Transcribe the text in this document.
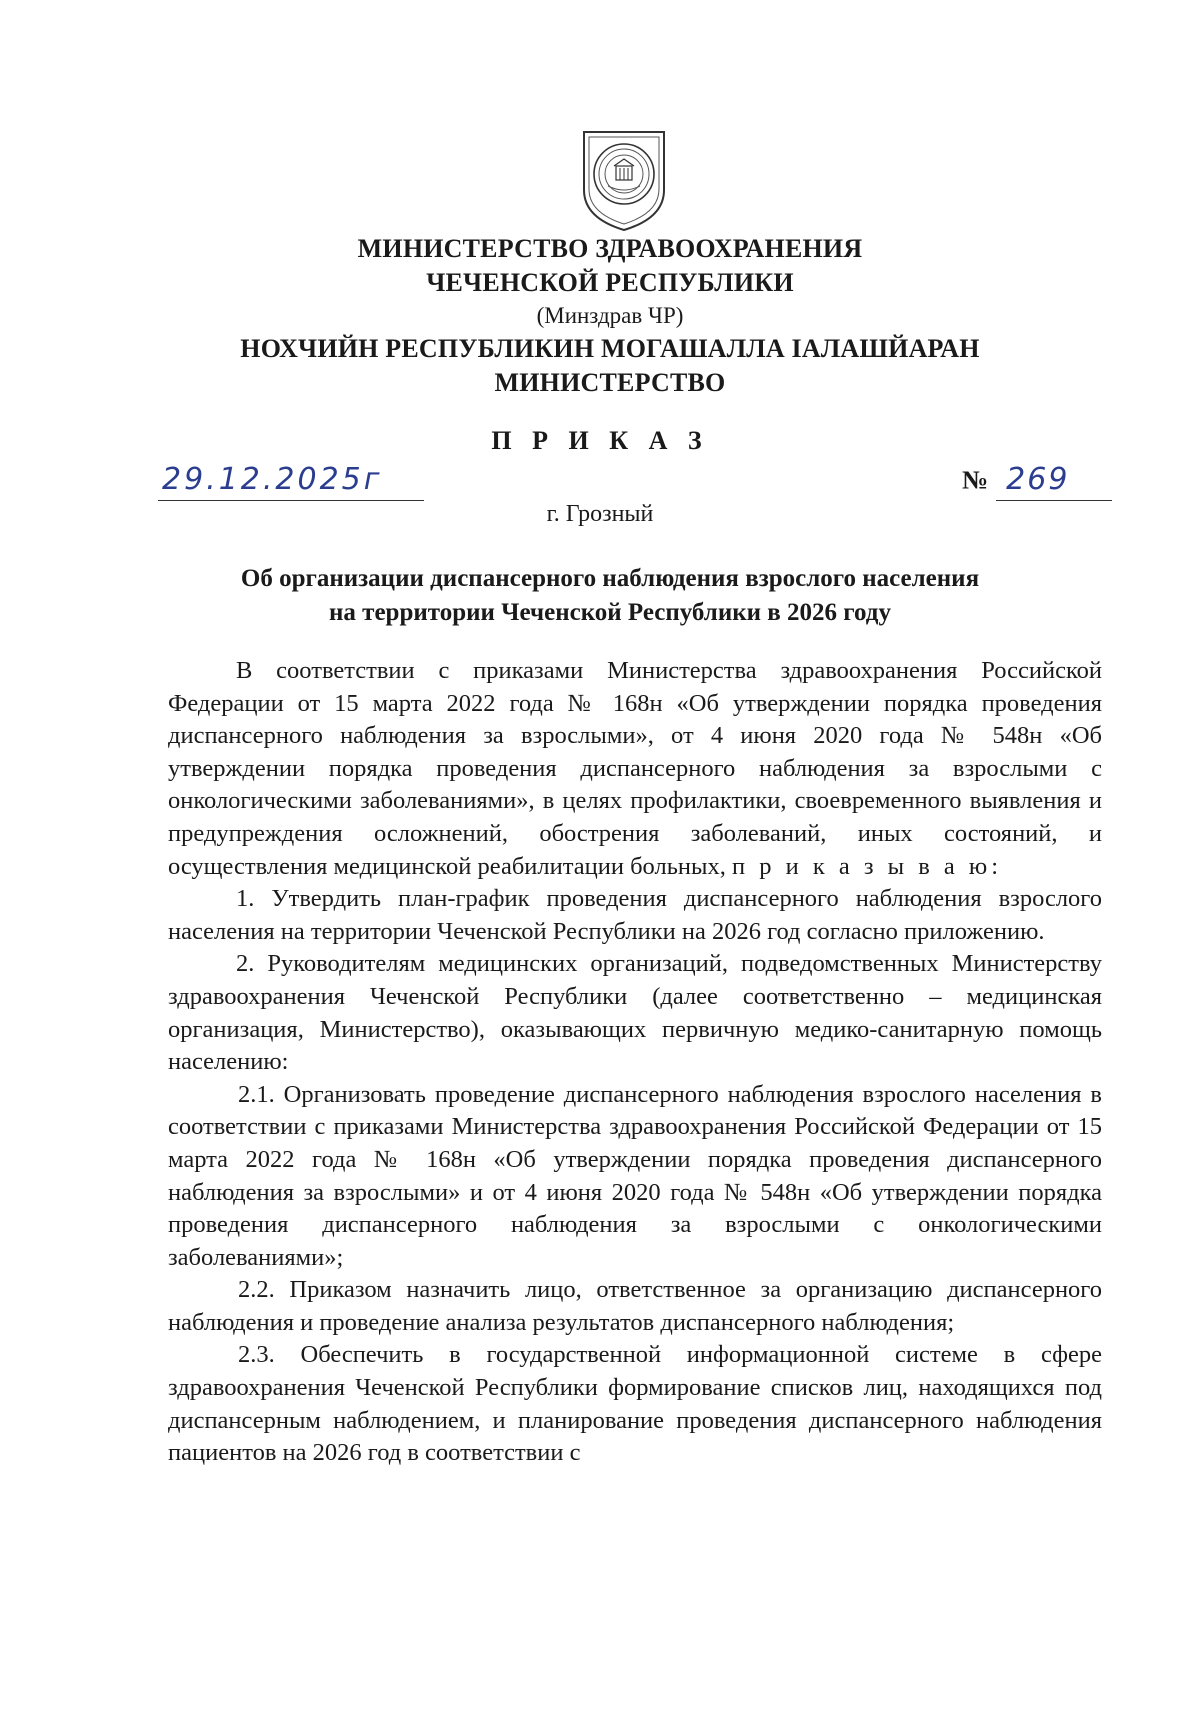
МИНИСТЕРСТВО ЗДРАВООХРАНЕНИЯ
ЧЕЧЕНСКОЙ РЕСПУБЛИКИ
(Минздрав ЧР)
НОХЧИЙН РЕСПУБЛИКИН МОГАШАЛЛА ІАЛАШЙАРАН
МИНИСТЕРСТВО
П Р И К А З
29.12.2025г	№ 269
г. Грозный
Об организации диспансерного наблюдения взрослого населения
на территории Чеченской Республики в 2026 году

В соответствии с приказами Министерства здравоохранения Российской Федерации от 15 марта 2022 года № 168н «Об утверждении порядка проведения диспансерного наблюдения за взрослыми», от 4 июня 2020 года № 548н «Об утверждении порядка проведения диспансерного наблюдения за взрослыми с онкологическими заболеваниями», в целях профилактики, своевременного выявления и предупреждения осложнений, обострения заболеваний, иных состояний, и осуществления медицинской реабилитации больных, п р и к а з ы в а ю:

1. Утвердить план-график проведения диспансерного наблюдения взрослого населения на территории Чеченской Республики на 2026 год согласно приложению.

2. Руководителям медицинских организаций, подведомственных Министерству здравоохранения Чеченской Республики (далее соответственно – медицинская организация, Министерство), оказывающих первичную медико-санитарную помощь населению:

2.1. Организовать проведение диспансерного наблюдения взрослого населения в соответствии с приказами Министерства здравоохранения Российской Федерации от 15 марта 2022 года № 168н «Об утверждении порядка проведения диспансерного наблюдения за взрослыми» и от 4 июня 2020 года № 548н «Об утверждении порядка проведения диспансерного наблюдения за взрослыми с онкологическими заболеваниями»;

2.2. Приказом назначить лицо, ответственное за организацию диспансерного наблюдения и проведение анализа результатов диспансерного наблюдения;

2.3. Обеспечить в государственной информационной системе в сфере здравоохранения Чеченской Республики формирование списков лиц, находящихся под диспансерным наблюдением, и планирование проведения диспансерного наблюдения пациентов на 2026 год в соответствии с
